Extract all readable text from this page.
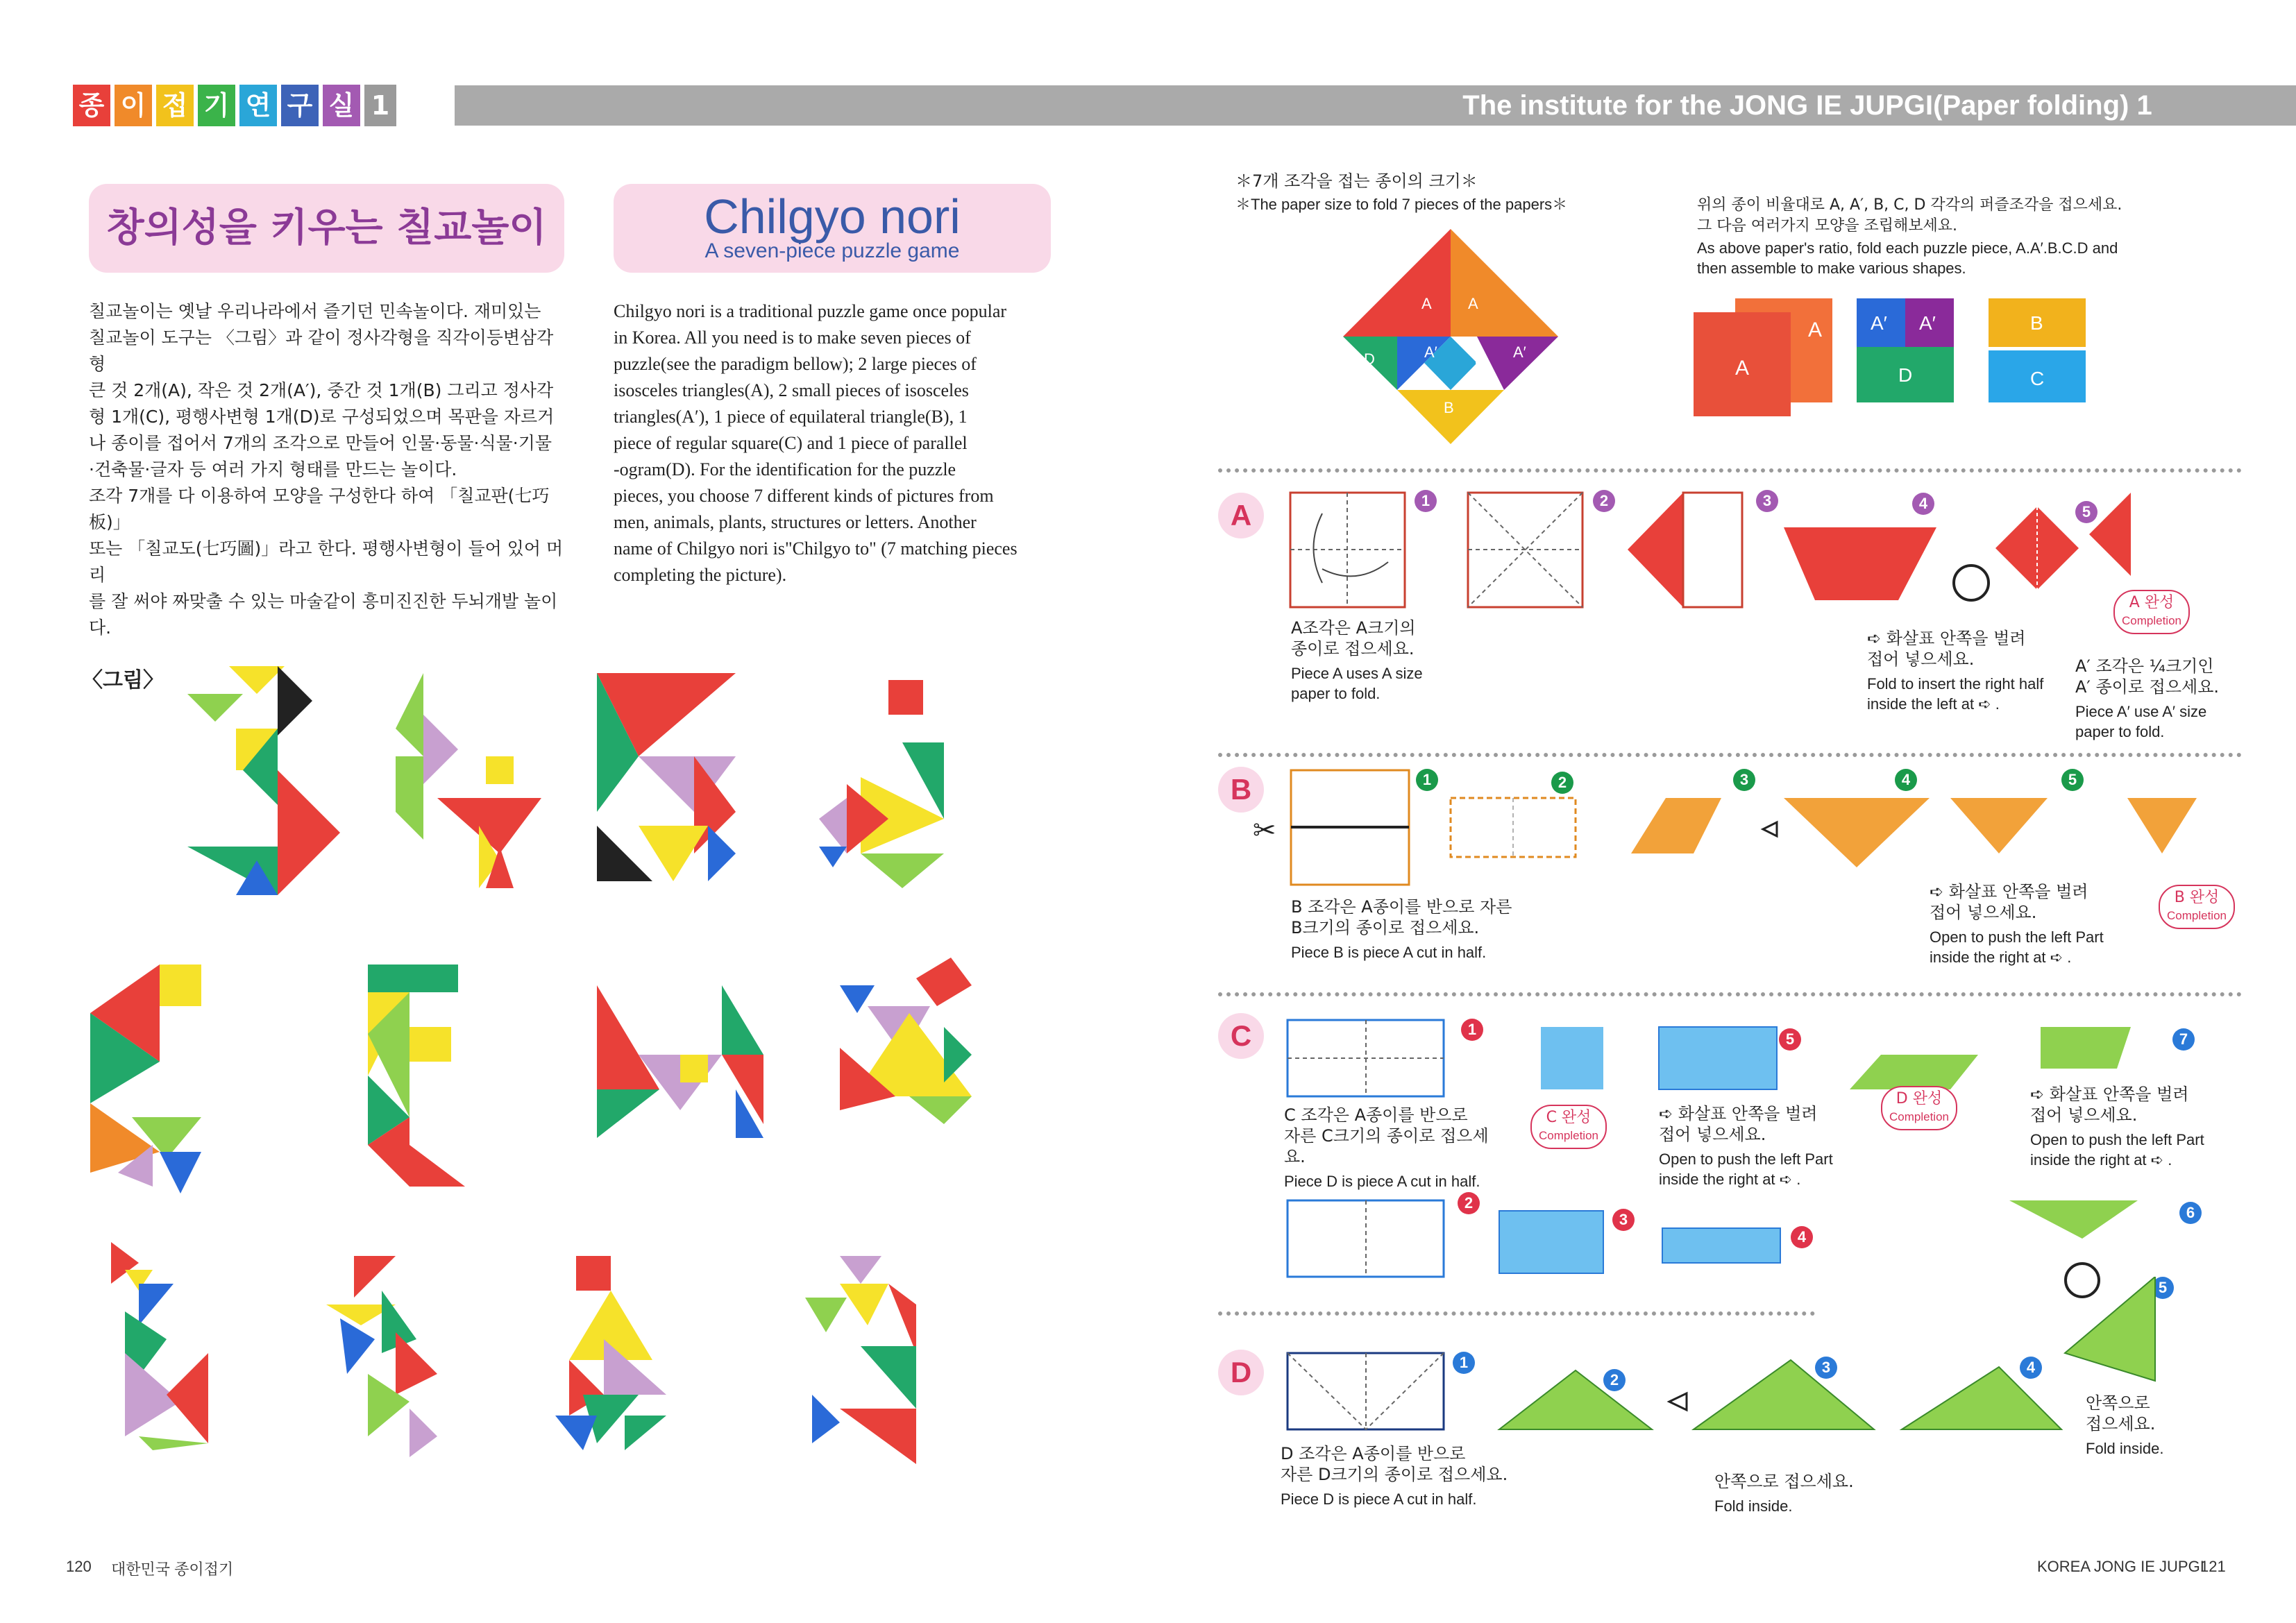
종 이 접 기 연 구 실 1	The institute for the JONG IE JUPGI(Paper folding) 1
창의성을 키우는 칠교놀이	Chilgyo nori
A seven-piece puzzle game
칠교놀이는 옛날 우리나라에서 즐기던 민속놀이다. 재미있는
칠교놀이 도구는 〈그림〉과 같이 정사각형을 직각이등변삼각형
큰 것 2개(A), 작은 것 2개(A′), 중간 것 1개(B) 그리고 정사각
형 1개(C), 평행사변형 1개(D)로 구성되었으며 목판을 자르거
나 종이를 접어서 7개의 조각으로 만들어 인물·동물·식물·기물
·건축물·글자 등 여러 가지 형태를 만드는 놀이다.
조각 7개를 다 이용하여 모양을 구성한다 하여 「칠교판(七巧板)」
또는 「칠교도(七巧圖)」라고 한다. 평행사변형이 들어 있어 머리
를 잘 써야 짜맞출 수 있는 마술같이 흥미진진한 두뇌개발 놀이다.
Chilgyo nori is a traditional puzzle game once popular
in Korea. All you need is to make seven pieces of
puzzle(see the paradigm bellow); 2 large pieces of
isosceles triangles(A), 2 small pieces of isosceles
triangles(A′), 1 piece of equilateral triangle(B), 1
piece of regular square(C) and 1 piece of parallel
-ogram(D). For the identification for the puzzle
pieces, you choose 7 different kinds of pictures from
men, animals, plants, structures or letters. Another
name of Chilgyo nori is"Chilgyo to" (7 matching pieces
completing the picture).
〈그림〉
120 대한민국 종이접기
＊7개 조각을 접는 종이의 크기＊
＊The paper size to fold 7 pieces of the papers＊	위의 종이 비율대로 A, A′, B, C, D 각각의 퍼즐조각을 접으세요.
그 다음 여러가지 모양을 조립해보세요.
As above paper's ratio, fold each puzzle piece, A.A′.B.C.D and
then assemble to make various shapes.
A A
D	A′
C
A′
B
A
A A′ A′
D
B
C
A	1	2	3	4	5
A조각은 A크기의
종이로 접으세요.
Piece A uses A size
paper to fold.
➪ 화살표 안쪽을 벌려
접어 넣으세요.
Fold to insert the right half
inside the left at ➪ .
A 완성
Completion
A′ 조각은 ¼크기인
A′ 종이로 접으세요.
Piece A′ use A′ size
paper to fold.
B
✂
1	2	3	4	5
B 조각은 A종이를 반으로 자른
B크기의 종이로 접으세요.
Piece B is piece A cut in half.
➪ 화살표 안쪽을 벌려
접어 넣으세요.
Open to push the left Part
inside the right at ➪ .
B 완성
Completion
C	1
2
3
4
5
6
7
5
C 조각은 A종이를 반으로
자른 C크기의 종이로 접으세요.
Piece D is piece A cut in half.
C 완성
Completion
➪ 화살표 안쪽을 벌려
접어 넣으세요.
Open to push the left Part
inside the right at ➪ .
D 완성
Completion
➪ 화살표 안쪽을 벌려
접어 넣으세요.
Open to push the left Part
inside the right at ➪ .
D	1
2
3	4
D 조각은 A종이를 반으로
자른 D크기의 종이로 접으세요.
Piece D is piece A cut in half.
안쪽으로 접으세요.
Fold inside.
안쪽으로
접으세요.
Fold inside.
KOREA JONG IE JUPGI
121
